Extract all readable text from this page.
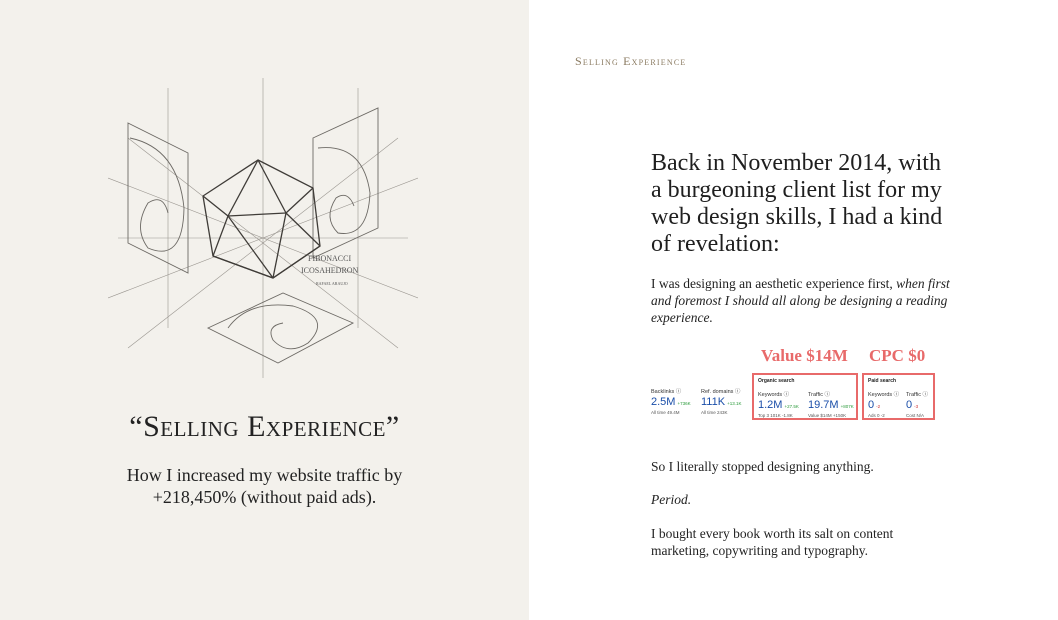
FIBONACCI
ICOSAHEDRON
RAFAEL ARAUJO
“Selling Experience”
How I increased my website traffic by
+218,450% (without paid ads).
Selling Experience
Back in November 2014, with a burgeoning client list for my web design skills, I had a kind of revelation:
I was designing an aesthetic experience first, when first and foremost I should all along be designing a reading experience.
Value $14M CPC $0
Backlinks ⓘ
2.5M +736K
All time 49.4M
Ref. domains ⓘ
111K +13.1K
All time 243K
Organic search
Keywords ⓘ
1.2M +27.5K
Top 3 101K -1.8K
Traffic ⓘ
19.7M +807K
Value $14M +150K
Paid search
Keywords ⓘ
0 -2
Ads 0 -2
Traffic ⓘ
0 -3
Cost N/A
So I literally stopped designing anything.
Period.
I bought every book worth its salt on content marketing, copywriting and typography.
